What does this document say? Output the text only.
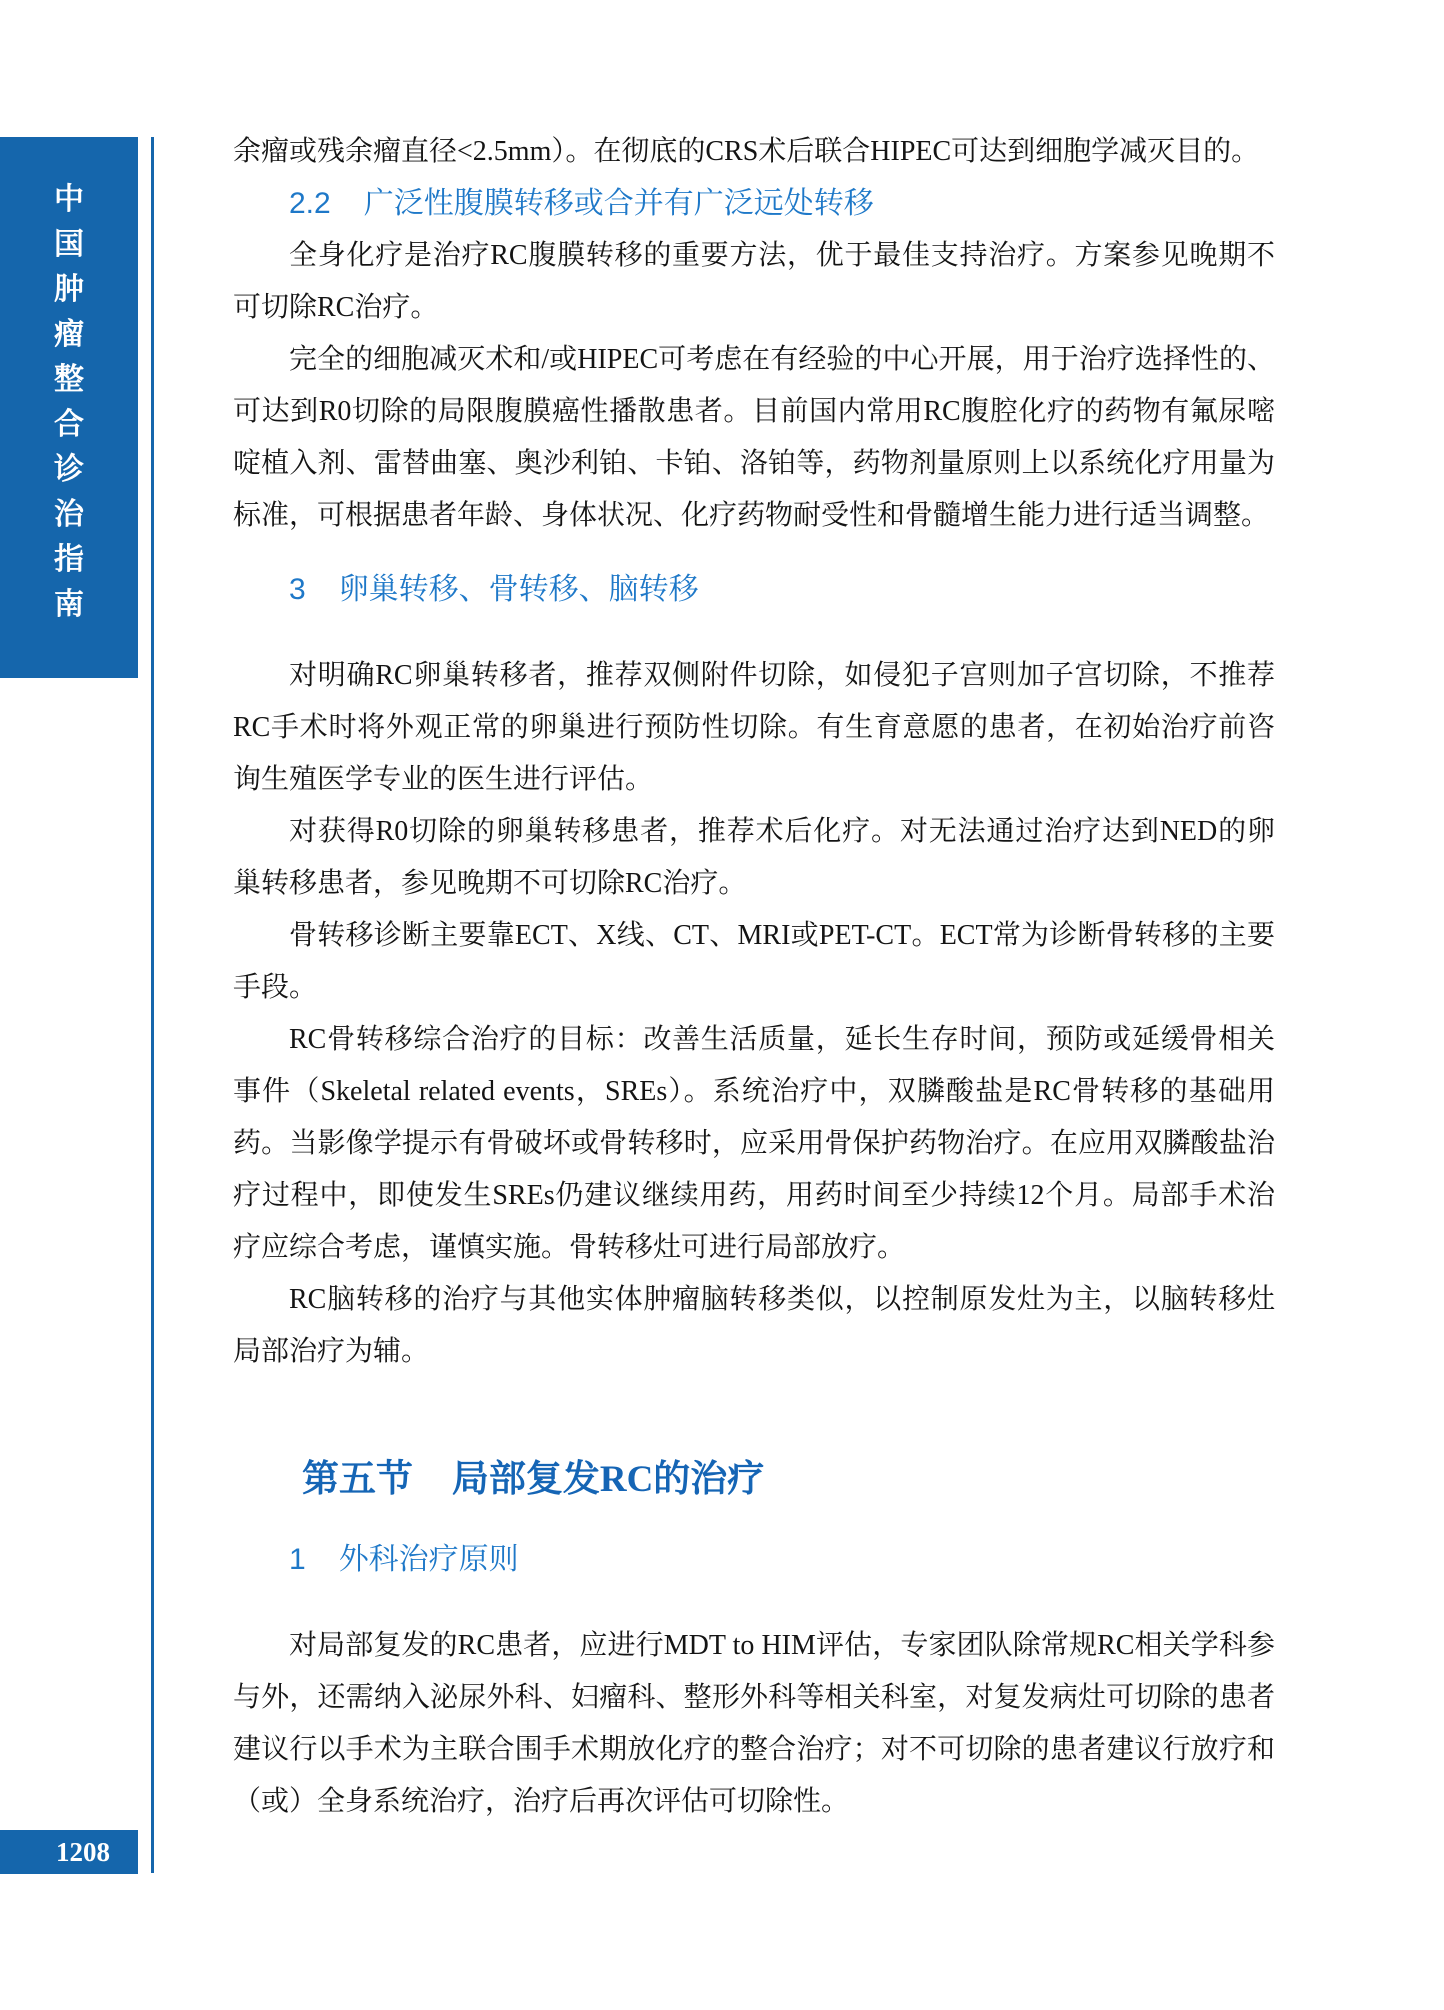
中
国
肿
瘤
整
合
诊
治
指
南
1208

余瘤或残余瘤直径<2.5mm）。在彻底的CRS术后联合HIPEC可达到细胞学减灭目的。

2.2 广泛性腹膜转移或合并有广泛远处转移

全身化疗是治疗RC腹膜转移的重要方法，优于最佳支持治疗。方案参见晚期不可切除RC治疗。

完全的细胞减灭术和/或HIPEC可考虑在有经验的中心开展，用于治疗选择性的、可达到R0切除的局限腹膜癌性播散患者。目前国内常用RC腹腔化疗的药物有氟尿嘧啶植入剂、雷替曲塞、奥沙利铂、卡铂、洛铂等，药物剂量原则上以系统化疗用量为标准，可根据患者年龄、身体状况、化疗药物耐受性和骨髓增生能力进行适当调整。

3 卵巢转移、骨转移、脑转移

对明确RC卵巢转移者，推荐双侧附件切除，如侵犯子宫则加子宫切除，不推荐RC手术时将外观正常的卵巢进行预防性切除。有生育意愿的患者，在初始治疗前咨询生殖医学专业的医生进行评估。

对获得R0切除的卵巢转移患者，推荐术后化疗。对无法通过治疗达到NED的卵巢转移患者，参见晚期不可切除RC治疗。

骨转移诊断主要靠ECT、X线、CT、MRI或PET-CT。ECT常为诊断骨转移的主要手段。

RC骨转移综合治疗的目标：改善生活质量，延长生存时间，预防或延缓骨相关事件（Skeletal related events，SREs）。系统治疗中，双膦酸盐是RC骨转移的基础用药。当影像学提示有骨破坏或骨转移时，应采用骨保护药物治疗。在应用双膦酸盐治疗过程中，即使发生SREs仍建议继续用药，用药时间至少持续12个月。局部手术治疗应综合考虑，谨慎实施。骨转移灶可进行局部放疗。

RC脑转移的治疗与其他实体肿瘤脑转移类似，以控制原发灶为主，以脑转移灶局部治疗为辅。

第五节 局部复发RC的治疗
1 外科治疗原则

对局部复发的RC患者，应进行MDT to HIM评估，专家团队除常规RC相关学科参与外，还需纳入泌尿外科、妇瘤科、整形外科等相关科室，对复发病灶可切除的患者建议行以手术为主联合围手术期放化疗的整合治疗；对不可切除的患者建议行放疗和（或）全身系统治疗，治疗后再次评估可切除性。
